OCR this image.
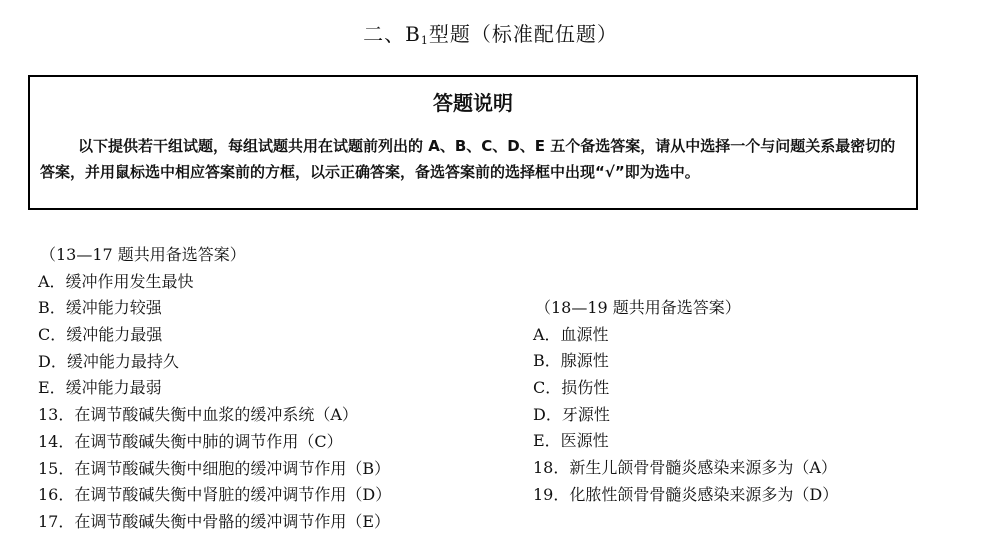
二、$B_1$型题（标准配伍题）
答题说明
以下提供若干组试题，每组试题共用在试题前列出的 A、B、C、D、E 五个备选答案，请从中选择一个与问题关系最密切的答案，并用鼠标选中相应答案前的方框，以示正确答案，备选答案前的选择框中出现“√”即为选中。
（13—17 题共用备选答案）
A．缓冲作用发生最快
B．缓冲能力较强
C．缓冲能力最强
D．缓冲能力最持久
E．缓冲能力最弱
13．在调节酸碱失衡中血浆的缓冲系统（A）
14．在调节酸碱失衡中肺的调节作用（C）
15．在调节酸碱失衡中细胞的缓冲调节作用（B）
16．在调节酸碱失衡中肾脏的缓冲调节作用（D）
17．在调节酸碱失衡中骨骼的缓冲调节作用（E）
（18—19 题共用备选答案）
A．血源性
B．腺源性
C．损伤性
D．牙源性
E．医源性
18．新生儿颌骨骨髓炎感染来源多为（A）
19．化脓性颌骨骨髓炎感染来源多为（D）
